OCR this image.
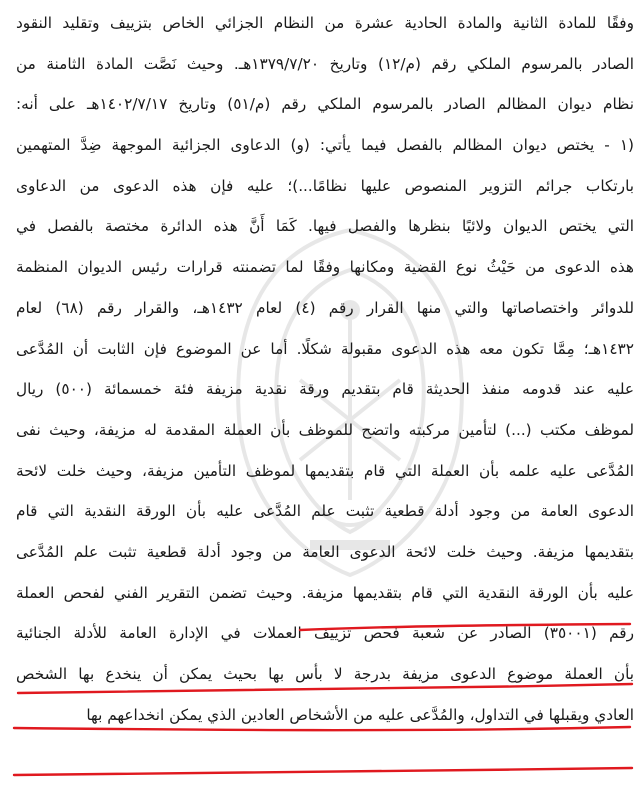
وفقًا للمادة الثانية والمادة الحادية عشرة من النظام الجزائي الخاص بتزييف وتقليد النقود
الصادر بالمرسوم الملكي رقم (م/١٢) وتاريخ ١٣٧٩/٧/٢٠هـ. وحيث نَصَّت المادة الثامنة من
نظام ديوان المظالم الصادر بالمرسوم الملكي رقم (م/٥١) وتاريخ ١٤٠٢/٧/١٧هـ على أنه:
(١ - يختص ديوان المظالم بالفصل فيما يأتي: (و) الدعاوى الجزائية الموجهة ضِدَّ المتهمين
بارتكاب جرائم التزوير المنصوص عليها نظامًا...)؛ عليه فإن هذه الدعوى من الدعاوى
التي يختص الديوان ولائيًا بنظرها والفصل فيها. كَمَا أَنَّ هذه الدائرة مختصة بالفصل في
هذه الدعوى من حَيْثُ نوع القضية ومكانها وفقًا لما تضمنته قرارات رئيس الديوان المنظمة
للدوائر واختصاصاتها والتي منها القرار رقم (٤) لعام ١٤٣٢هـ، والقرار رقم (٦٨) لعام
١٤٣٢هـ؛ مِمَّا تكون معه هذه الدعوى مقبولة شكلًا. أما عن الموضوع فإن الثابت أن المُدَّعى
عليه عند قدومه منفذ الحديثة قام بتقديم ورقة نقدية مزيفة فئة خمسمائة (٥٠٠) ريال
لموظف مكتب (...) لتأمين مركبته واتضح للموظف بأن العملة المقدمة له مزيفة، وحيث نفى
المُدَّعى عليه علمه بأن العملة التي قام بتقديمها لموظف التأمين مزيفة، وحيث خلت لائحة
الدعوى العامة من وجود أدلة قطعية تثبت علم المُدَّعى عليه بأن الورقة النقدية التي قام
بتقديمها مزيفة. وحيث خلت لائحة الدعوى العامة من وجود أدلة قطعية تثبت علم المُدَّعى
عليه بأن الورقة النقدية التي قام بتقديمها مزيفة. وحيث تضمن التقرير الفني لفحص العملة
رقم (٣٥٠٠١) الصادر عن شعبة فحص تزييف العملات في الإدارة العامة للأدلة الجنائية
بأن العملة موضوع الدعوى مزيفة بدرجة لا بأس بها بحيث يمكن أن ينخدع بها الشخص
العادي ويقبلها في التداول، والمُدَّعى عليه من الأشخاص العادين الذي يمكن انخداعهم بها
